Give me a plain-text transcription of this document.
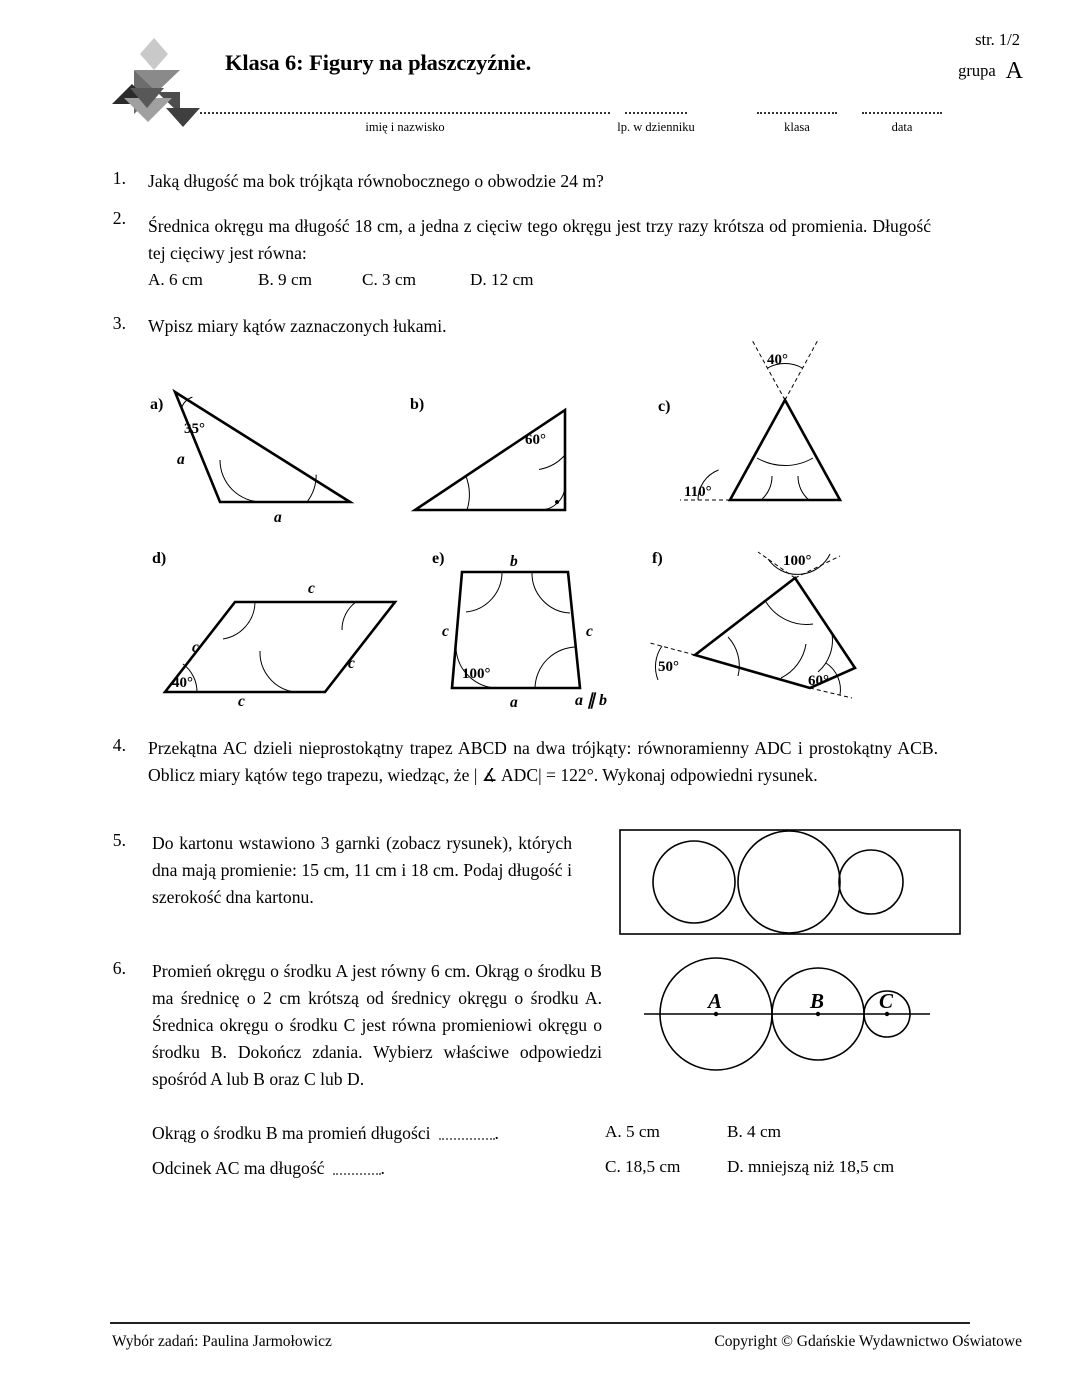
Klasa 6: Figury na płaszczyźnie.
str. 1/2
grupa A
imię i nazwisko	lp. w dzienniku	klasa	data
1. Jaką długość ma bok trójkąta równobocznego o obwodzie 24 m?
2. Średnica okręgu ma długość 18 cm, a jedna z cięciw tego okręgu jest trzy razy krótsza od promienia. Długość tej cięciwy jest równa:
A. 6 cm	B. 9 cm	C. 3 cm	D. 12 cm
3. Wpisz miary kątów zaznaczonych łukami.
a)
35°
a
a
b)
60°
c)
40°
110°
d)
40°
c
c
c
c
e)
100°
b
c	c
a	a ∥ b
f)	100°
50°
60°
4. Przekątna AC dzieli nieprostokątny trapez ABCD na dwa trójkąty: równoramienny ADC i prostokątny ACB. Oblicz miary kątów tego trapezu, wiedząc, że | ∡ ADC| = 122°. Wykonaj odpowiedni rysunek.
5. Do kartonu wstawiono 3 garnki (zobacz rysunek), których dna mają promienie: 15 cm, 11 cm i 18 cm. Podaj długość i szerokość dna kartonu.
6. Promień okręgu o środku A jest równy 6 cm. Okrąg o środku B ma średnicę o 2 cm krótszą od średnicy okręgu o środku A. Średnica okręgu o środku C jest równa promieniowi okręgu o środku B. Dokończ zdania. Wybierz właściwe odpowiedzi spośród A lub B oraz C lub D.
A	B	C
Okrąg o środku B ma promień długości	.	A. 5 cm	B. 4 cm
Odcinek AC ma długość	.	C. 18,5 cm	D. mniejszą niż 18,5 cm
Wybór zadań: Paulina Jarmołowicz	Copyright © Gdańskie Wydawnictwo Oświatowe
